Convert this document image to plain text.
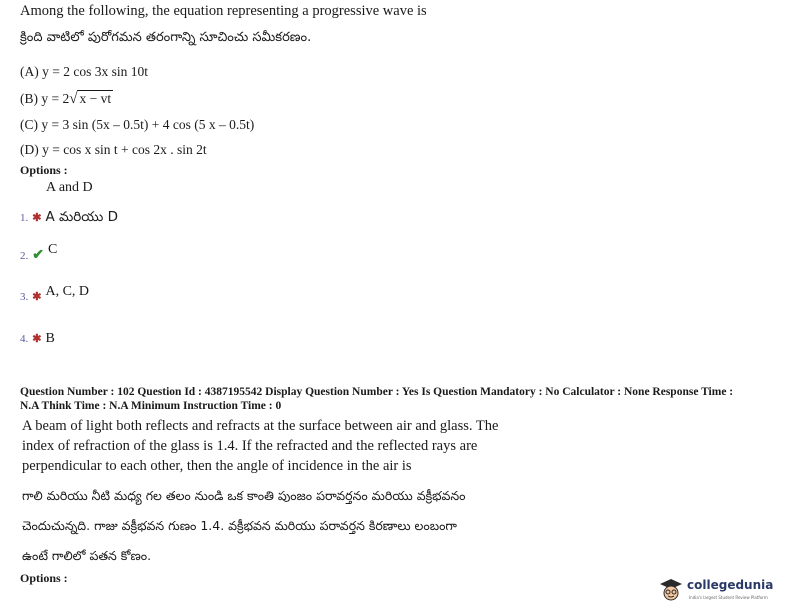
Among the following, the equation representing a progressive wave is
క్రింది వాటిలో పురోగమన తరంగాన్ని సూచించు సమీకరణం.
(A) y = 2 cos 3x sin 10t
(B) y = 2√ x − vt
(C) y = 3 sin (5x – 0.5t) + 4 cos (5 x – 0.5t)
(D) y = cos x sin t + cos 2x . sin 2t
Options :
A and D
1. ✱ A మరియు D
2. ✔ C
3. ✱ A, C, D
4. ✱ B
Question Number : 102 Question Id : 4387195542 Display Question Number : Yes Is Question Mandatory : No Calculator : None Response Time :
N.A Think Time : N.A Minimum Instruction Time : 0
A beam of light both reflects and refracts at the surface between air and glass. The
index of refraction of the glass is 1.4. If the refracted and the reflected rays are
perpendicular to each other, then the angle of incidence in the air is
గాలి మరియు నీటి మధ్య గల తలం నుండి ఒక కాంతి పుంజం పరావర్తనం మరియు వక్రీభవనం
చెందుచున్నది. గాజు వక్రీభవన గుణం 1.4. వక్రీభవన మరియు పరావర్తన కిరణాలు లంబంగా
ఉంటే గాలిలో పతన కోణం.
Options :	collegedunia
India's largest Student Review Platform
